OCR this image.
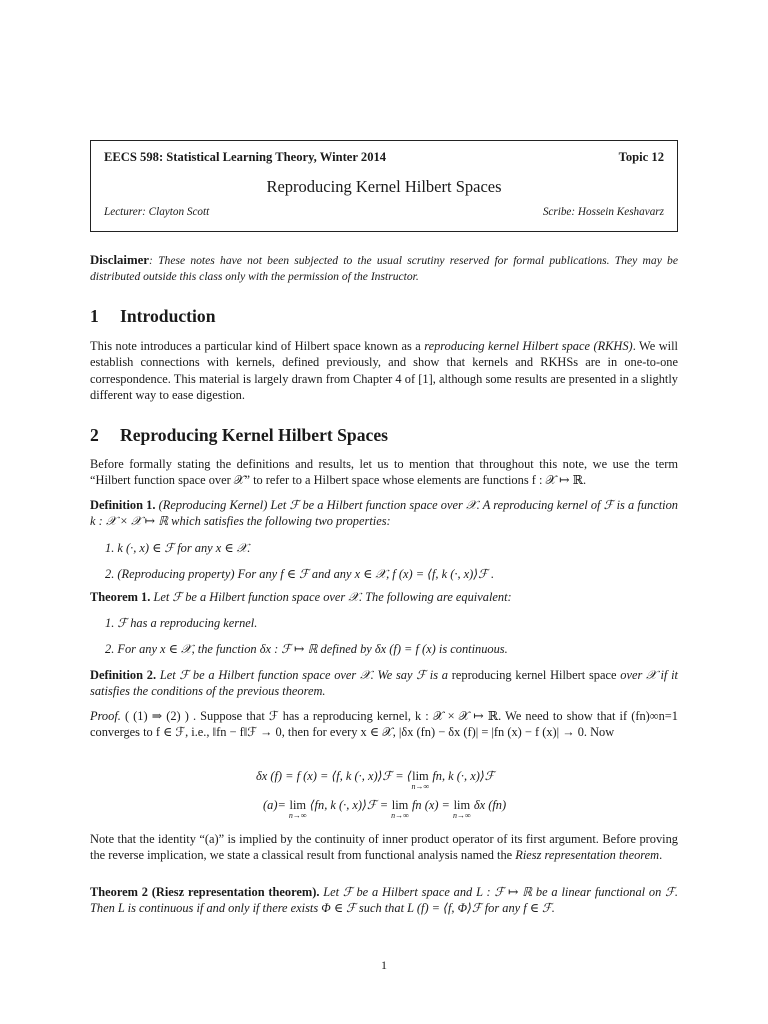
EECS 598: Statistical Learning Theory, Winter 2014	Topic 12
Reproducing Kernel Hilbert Spaces
Lecturer: Clayton Scott	Scribe: Hossein Keshavarz

Disclaimer: These notes have not been subjected to the usual scrutiny reserved for formal publications. They may be distributed outside this class only with the permission of the Instructor.

1 Introduction

This note introduces a particular kind of Hilbert space known as a reproducing kernel Hilbert space (RKHS). We will establish connections with kernels, defined previously, and show that kernels and RKHSs are in one-to-one correspondence. This material is largely drawn from Chapter 4 of [1], although some results are presented in a slightly different way to ease digestion.

2 Reproducing Kernel Hilbert Spaces

Before formally stating the definitions and results, let us to mention that throughout this note, we use the term “Hilbert function space over 𝒳” to refer to a Hilbert space whose elements are functions f : 𝒳 ↦ ℝ.

Definition 1. (Reproducing Kernel) Let ℱ be a Hilbert function space over 𝒳. A reproducing kernel of ℱ is a function k : 𝒳 × 𝒳 ↦ ℝ which satisfies the following two properties:

1. k (·, x) ∈ ℱ for any x ∈ 𝒳.
2. (Reproducing property) For any f ∈ ℱ and any x ∈ 𝒳, f (x) = ⟨f, k (·, x)⟩ℱ .

Theorem 1. Let ℱ be a Hilbert function space over 𝒳. The following are equivalent:

1. ℱ has a reproducing kernel.
2. For any x ∈ 𝒳, the function δx : ℱ ↦ ℝ defined by δx (f) = f (x) is continuous.

Definition 2. Let ℱ be a Hilbert function space over 𝒳. We say ℱ is a reproducing kernel Hilbert space over 𝒳 if it satisfies the conditions of the previous theorem.

Proof. ( (1) ⇒ (2) ) . Suppose that ℱ has a reproducing kernel, k : 𝒳 × 𝒳 ↦ ℝ. We need to show that if (fn)∞n=1 converges to f ∈ ℱ, i.e., ‖fn − f‖ℱ → 0, then for every x ∈ 𝒳, |δx (fn) − δx (f)| = |fn (x) − f (x)| → 0. Now

δx (f) = f (x) = ⟨f, k (·, x)⟩ℱ = ⟨lim
n→∞
fn, k (·, x)⟩ℱ
(a)= lim
n→∞
⟨fn, k (·, x)⟩ℱ = lim
n→∞
fn (x) = lim
n→∞
δx (fn)

Note that the identity “(a)” is implied by the continuity of inner product operator of its first argument. Before proving the reverse implication, we state a classical result from functional analysis named the Riesz representation theorem.

Theorem 2 (Riesz representation theorem). Let ℱ be a Hilbert space and L : ℱ ↦ ℝ be a linear functional on ℱ. Then L is continuous if and only if there exists Φ ∈ ℱ such that L (f) = ⟨f, Φ⟩ℱ for any f ∈ ℱ.

1
